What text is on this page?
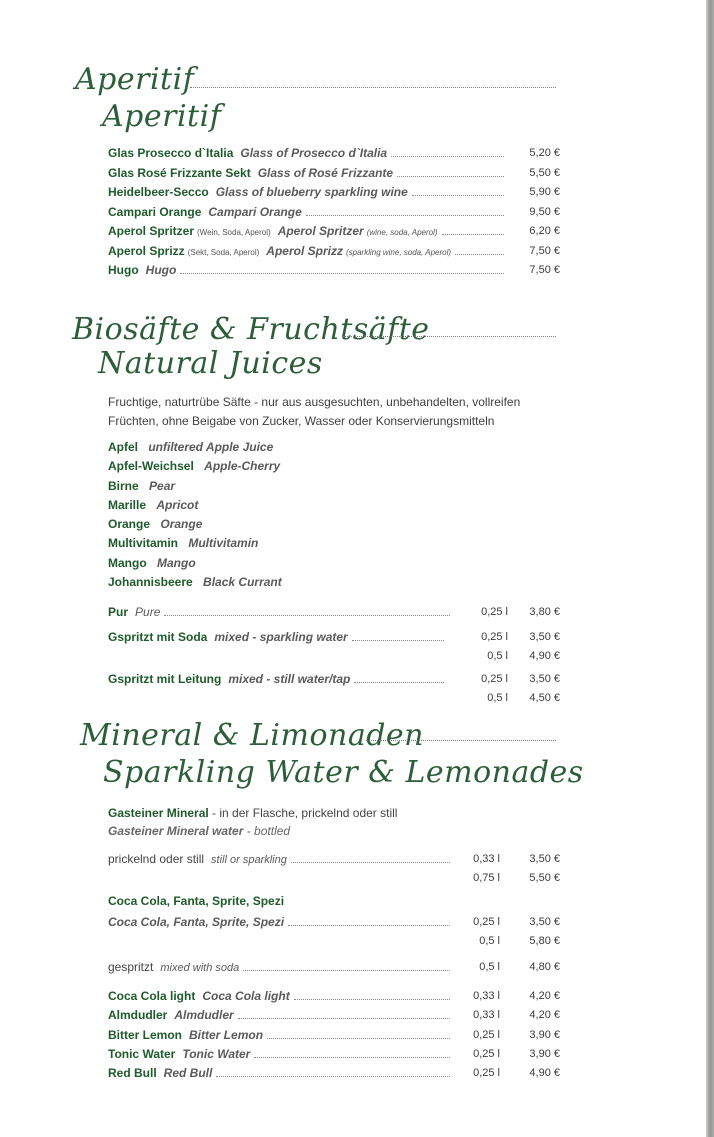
Aperitif
Aperitif
Glas Prosecco d`Italia Glass of Prosecco d`Italia	5,20 €
Glas Rosé Frizzante Sekt Glass of Rosé Frizzante	5,50 €
Heidelbeer-Secco Glass of blueberry sparkling wine	5,90 €
Campari Orange Campari Orange	9,50 €
Aperol Spritzer (Wein, Soda, Aperol) Aperol Spritzer (wine, soda, Aperol)	6,20 €
Aperol Sprizz (Sekt, Soda, Aperol) Aperol Sprizz (sparkling wine, soda, Aperol)	7,50 €
Hugo Hugo	7,50 €
Biosäfte & Fruchtsäfte
Natural Juices
Fruchtige, naturtrübe Säfte - nur aus ausgesuchten, unbehandelten, vollreifen Früchten, ohne Beigabe von Zucker, Wasser oder Konservierungsmitteln
Apfel unfiltered Apple Juice
Apfel-Weichsel Apple-Cherry
Birne Pear
Marille Apricot
Orange Orange
Multivitamin Multivitamin
Mango Mango
Johannisbeere Black Currant
Pur Pure	0,25 l	3,80 €
Gspritzt mit Soda mixed - sparkling water	0,25 l	3,50 €
0,5 l	4,90 €
Gspritzt mit Leitung mixed - still water/tap	0,25 l	3,50 €
0,5 l	4,50 €
Mineral & Limonaden
Sparkling Water & Lemonades
Gasteiner Mineral - in der Flasche, prickelnd oder still
Gasteiner Mineral water - bottled
prickelnd oder still still or sparkling	0,33 l	3,50 €
0,75 l	5,50 €
Coca Cola, Fanta, Sprite, Spezi
Coca Cola, Fanta, Sprite, Spezi	0,25 l	3,50 €
0,5 l	5,80 €
gespritzt mixed with soda	0,5 l	4,80 €
Coca Cola light Coca Cola light	0,33 l	4,20 €
Almdudler Almdudler	0,33 l	4,20 €
Bitter Lemon Bitter Lemon	0,25 l	3,90 €
Tonic Water Tonic Water	0,25 l	3,90 €
Red Bull Red Bull	0,25 l	4,90 €
